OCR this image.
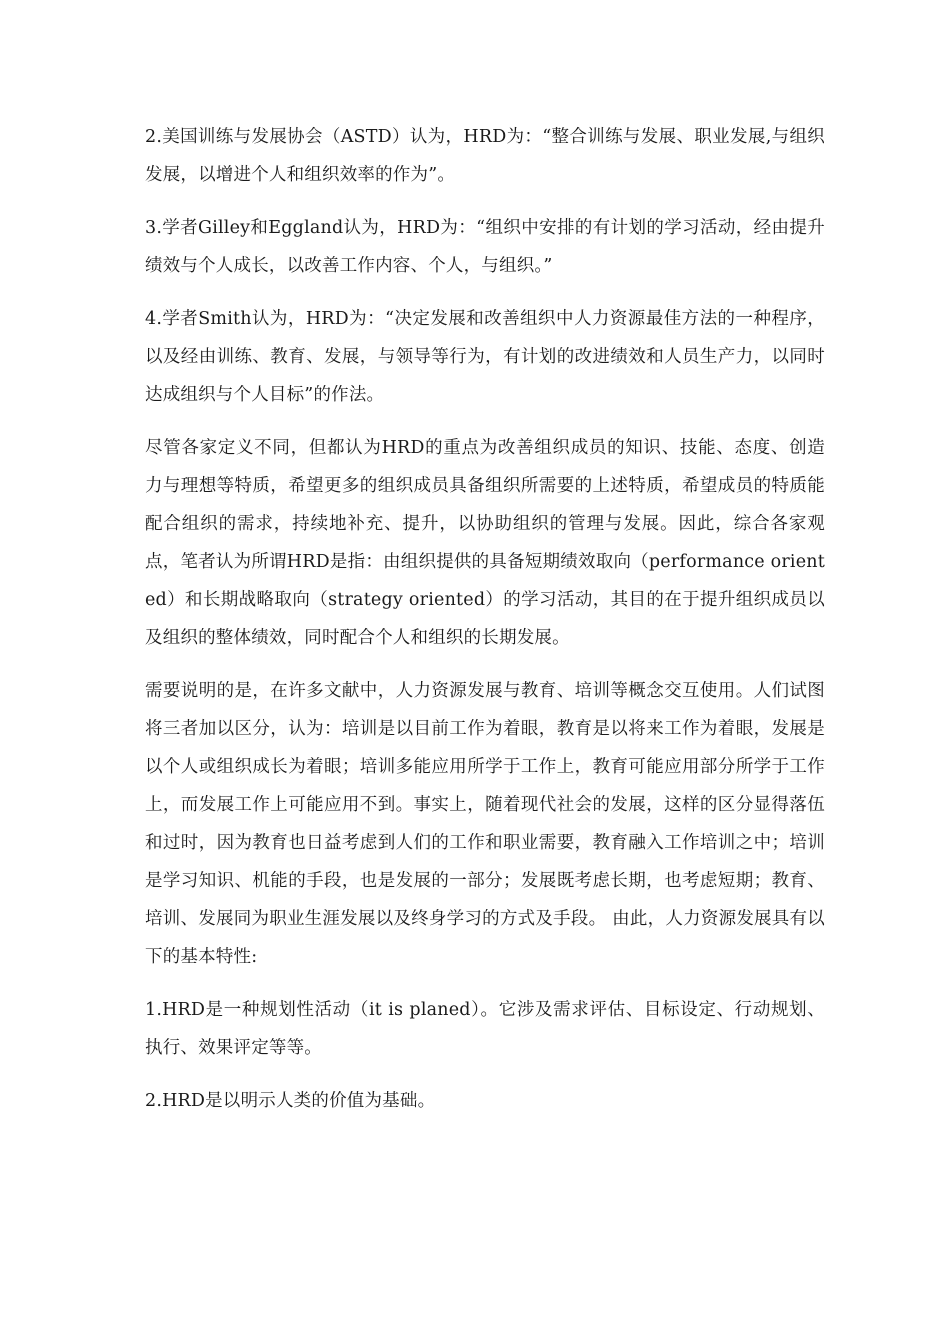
2.美国训练与发展协会（ASTD）认为，HRD为：“整合训练与发展、职业发展,与组织发展，以增进个人和组织效率的作为”。

3.学者Gilley和Eggland认为，HRD为：“组织中安排的有计划的学习活动，经由提升绩效与个人成长，以改善工作内容、个人，与组织。”

4.学者Smith认为，HRD为：“决定发展和改善组织中人力资源最佳方法的一种程序，以及经由训练、教育、发展，与领导等行为，有计划的改进绩效和人员生产力，以同时达成组织与个人目标”的作法。

尽管各家定义不同，但都认为HRD的重点为改善组织成员的知识、技能、态度、创造力与理想等特质，希望更多的组织成员具备组织所需要的上述特质，希望成员的特质能配合组织的需求，持续地补充、提升，以协助组织的管理与发展。因此，综合各家观点，笔者认为所谓HRD是指：由组织提供的具备短期绩效取向（performance oriented）和长期战略取向（strategy oriented）的学习活动，其目的在于提升组织成员以及组织的整体绩效，同时配合个人和组织的长期发展。

需要说明的是，在许多文献中，人力资源发展与教育、培训等概念交互使用。人们试图将三者加以区分，认为：培训是以目前工作为着眼，教育是以将来工作为着眼，发展是以个人或组织成长为着眼；培训多能应用所学于工作上，教育可能应用部分所学于工作上，而发展工作上可能应用不到。事实上，随着现代社会的发展，这样的区分显得落伍和过时，因为教育也日益考虑到人们的工作和职业需要，教育融入工作培训之中；培训是学习知识、机能的手段，也是发展的一部分；发展既考虑长期，也考虑短期；教育、培训、发展同为职业生涯发展以及终身学习的方式及手段。 由此，人力资源发展具有以下的基本特性:

1.HRD是一种规划性活动（it is planed）。它涉及需求评估、目标设定、行动规划、执行、效果评定等等。

2.HRD是以明示人类的价值为基础。
